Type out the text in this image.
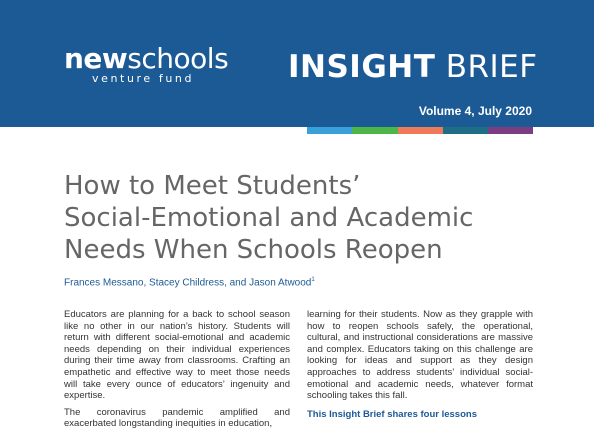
newschools
venture fund	INSIGHT BRIEF
Volume 4, July 2020
How to Meet Students’
Social-Emotional and Academic
Needs When Schools Reopen
Frances Messano, Stacey Childress, and Jason Atwood$^1$

Educators are planning for a back to school season like no other in our nation’s history. Students will return with different social-emotional and academic needs depending on their individual experiences during their time away from classrooms. Crafting an empathetic and effective way to meet those needs will take every ounce of educators’ ingenuity and expertise.

The coronavirus pandemic amplified and exacerbated longstanding inequities in education,

learning for their students. Now as they grapple with how to reopen schools safely, the operational, cultural, and instructional considerations are massive and complex. Educators taking on this challenge are looking for ideas and support as they design approaches to address students’ individual social-emotional and academic needs, whatever format schooling takes this fall.

This Insight Brief shares four lessons
